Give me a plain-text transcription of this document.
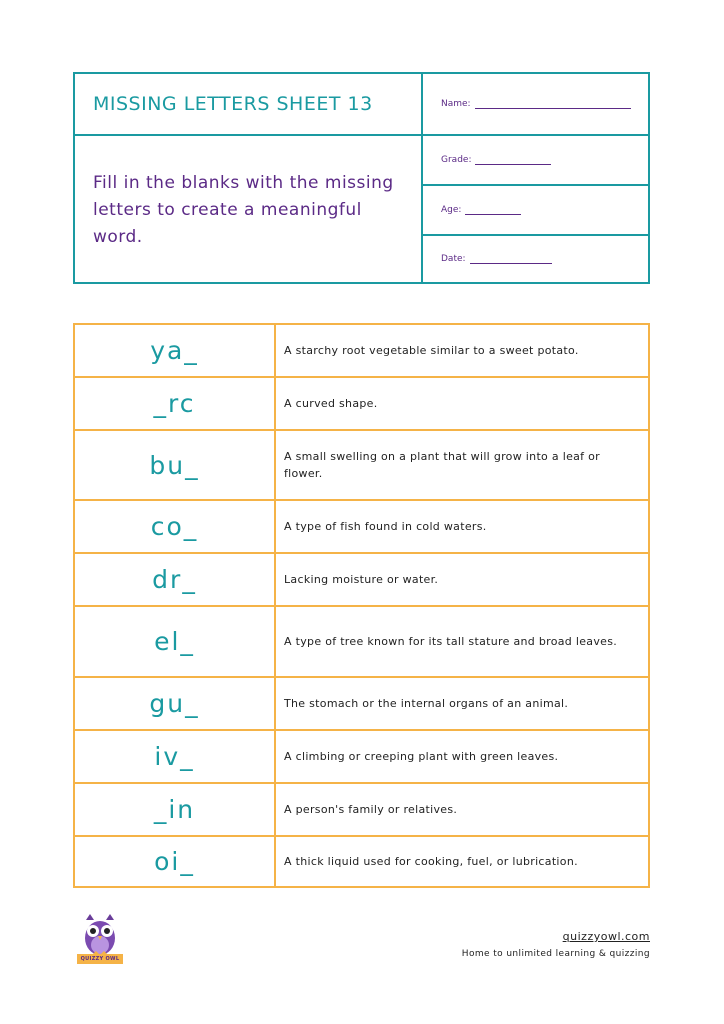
MISSING LETTERS SHEET 13
Fill in the blanks with the missing letters to create a meaningful word.
Name:
Grade:
Age:
Date:
ya_	A starchy root vegetable similar to a sweet potato.
_rc	A curved shape.
bu_	A small swelling on a plant that will grow into a leaf or flower.
co_	A type of fish found in cold waters.
dr_	Lacking moisture or water.
el_	A type of tree known for its tall stature and broad leaves.
gu_	The stomach or the internal organs of an animal.
iv_	A climbing or creeping plant with green leaves.
_in	A person's family or relatives.
oi_	A thick liquid used for cooking, fuel, or lubrication.
QUIZZY OWL
quizzyowl.com
Home to unlimited learning & quizzing
